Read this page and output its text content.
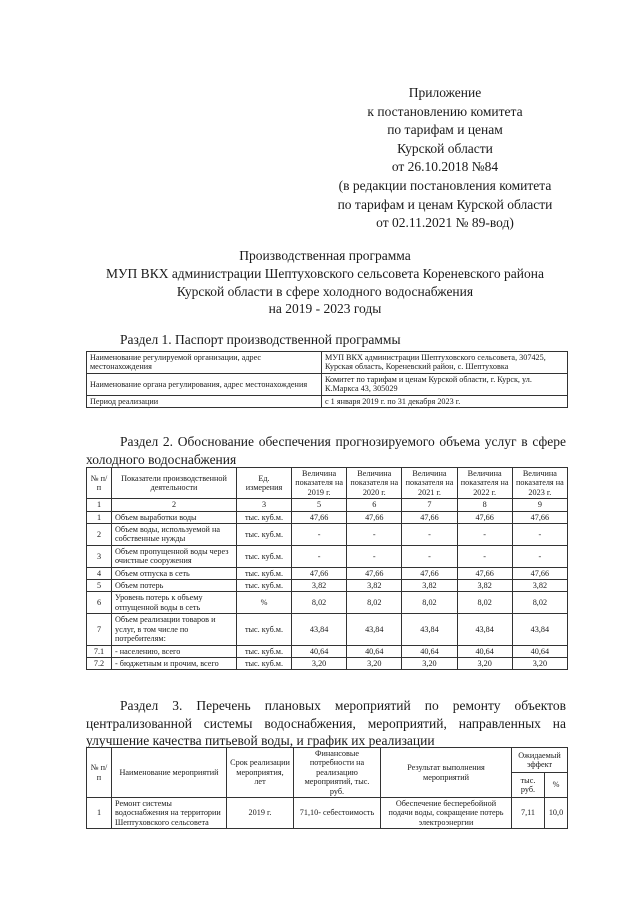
Приложение
к постановлению комитета
по тарифам и ценам
Курской области
от 26.10.2018 №84
(в редакции постановления комитета
по тарифам и ценам Курской области
от 02.11.2021 № 89-вод)
Производственная программа
МУП ВКХ администрации Шептуховского сельсовета Кореневского района
Курской области в сфере холодного водоснабжения
на 2019 - 2023 годы
Раздел 1. Паспорт производственной программы
Наименование регулируемой организации, адрес местонахождения	МУП ВКХ администрации Шептуховского сельсовета, 307425, Курская область, Кореневский район, с. Шептуховка
Наименование органа регулирования, адрес местонахождения	Комитет по тарифам и ценам Курской области, г. Курск, ул. К.Маркса 43, 305029
Период реализации	с 1 января 2019 г. по 31 декабря 2023 г.
Раздел 2. Обоснование обеспечения прогнозируемого объема услуг в сфере холодного водоснабжения
№ п/п	Показатели производственной деятельности	Ед. измерения	Величина показателя на 2019 г.	Величина показателя на 2020 г.	Величина показателя на 2021 г.	Величина показателя на 2022 г.	Величина показателя на 2023 г.
1	2	3	5	6	7	8	9
1	Объем выработки воды	тыс. куб.м.	47,66	47,66	47,66	47,66	47,66
2	Объем воды, используемой на собственные нужды	тыс. куб.м.	-	-	-	-	-
3	Объем пропущенной воды через очистные сооружения	тыс. куб.м.	-	-	-	-	-
4	Объем отпуска в сеть	тыс. куб.м.	47,66	47,66	47,66	47,66	47,66
5	Объем потерь	тыс. куб.м.	3,82	3,82	3,82	3,82	3,82
6	Уровень потерь к объему отпущенной воды в сеть	%	8,02	8,02	8,02	8,02	8,02
7	Объем реализации товаров и услуг, в том числе по потребителям:	тыс. куб.м.	43,84	43,84	43,84	43,84	43,84
7.1	- населению, всего	тыс. куб.м.	40,64	40,64	40,64	40,64	40,64
7.2	- бюджетным и прочим, всего	тыс. куб.м.	3,20	3,20	3,20	3,20	3,20
Раздел 3. Перечень плановых мероприятий по ремонту объектов централизованной системы водоснабжения, мероприятий, направленных на улучшение качества питьевой воды, и график их реализации
№ п/ п	Наименование мероприятий	Срок реализации мероприятия, лет	Финансовые потребности на реализацию мероприятий, тыс. руб.	Результат выполнения мероприятий	Ожидаемый эффект	
					тыс. руб.	%
1	Ремонт системы водоснабжения на территории Шептуховского сельсовета	2019 г.	71,10- себестоимость	Обеспечение бесперебойной подачи воды, сокращение потерь электроэнергии	7,11	10,0
